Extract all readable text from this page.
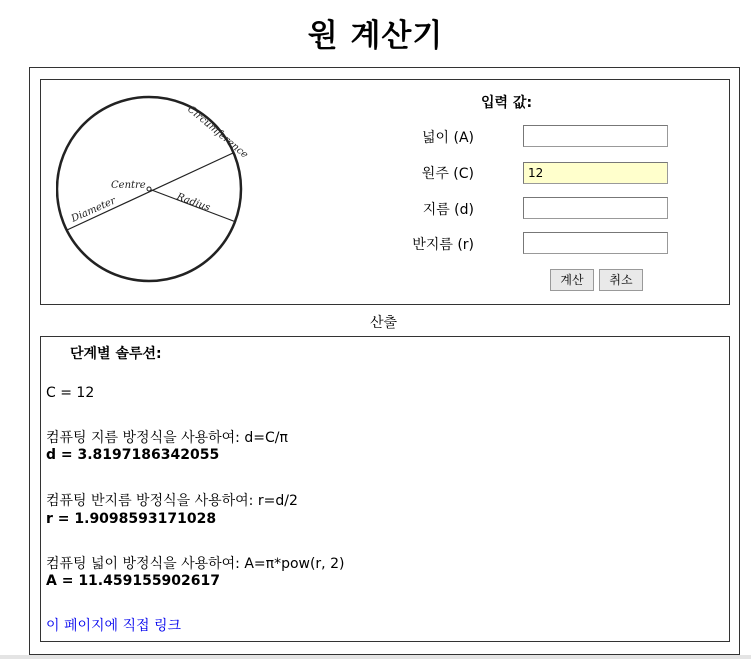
원 계산기
Centre
Radius
Diameter
Circumference
입력 값:
넓이 (A)
원주 (C)
12
지름 (d)
반지름 (r)
계산	취소
산출
단계별 솔루션:
C = 12
컴퓨팅 지름 방정식을 사용하여: d=C/π
d = 3.8197186342055
컴퓨팅 반지름 방정식을 사용하여: r=d/2
r = 1.9098593171028
컴퓨팅 넓이 방정식을 사용하여: A=π*pow(r, 2)
A = 11.459155902617
이 페이지에 직접 링크
